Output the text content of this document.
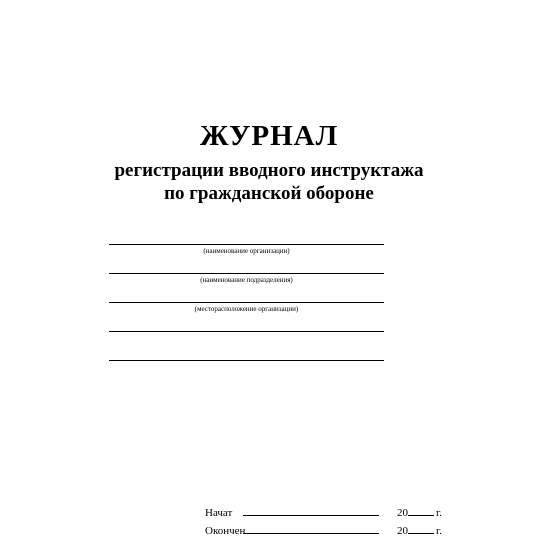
ЖУРНАЛ
регистрации вводного инструктажа
по гражданской обороне
(наименование организации)
(наименование подразделения)
(месторасположение организации)
Начат	20	г.
Окончен	20	г.
